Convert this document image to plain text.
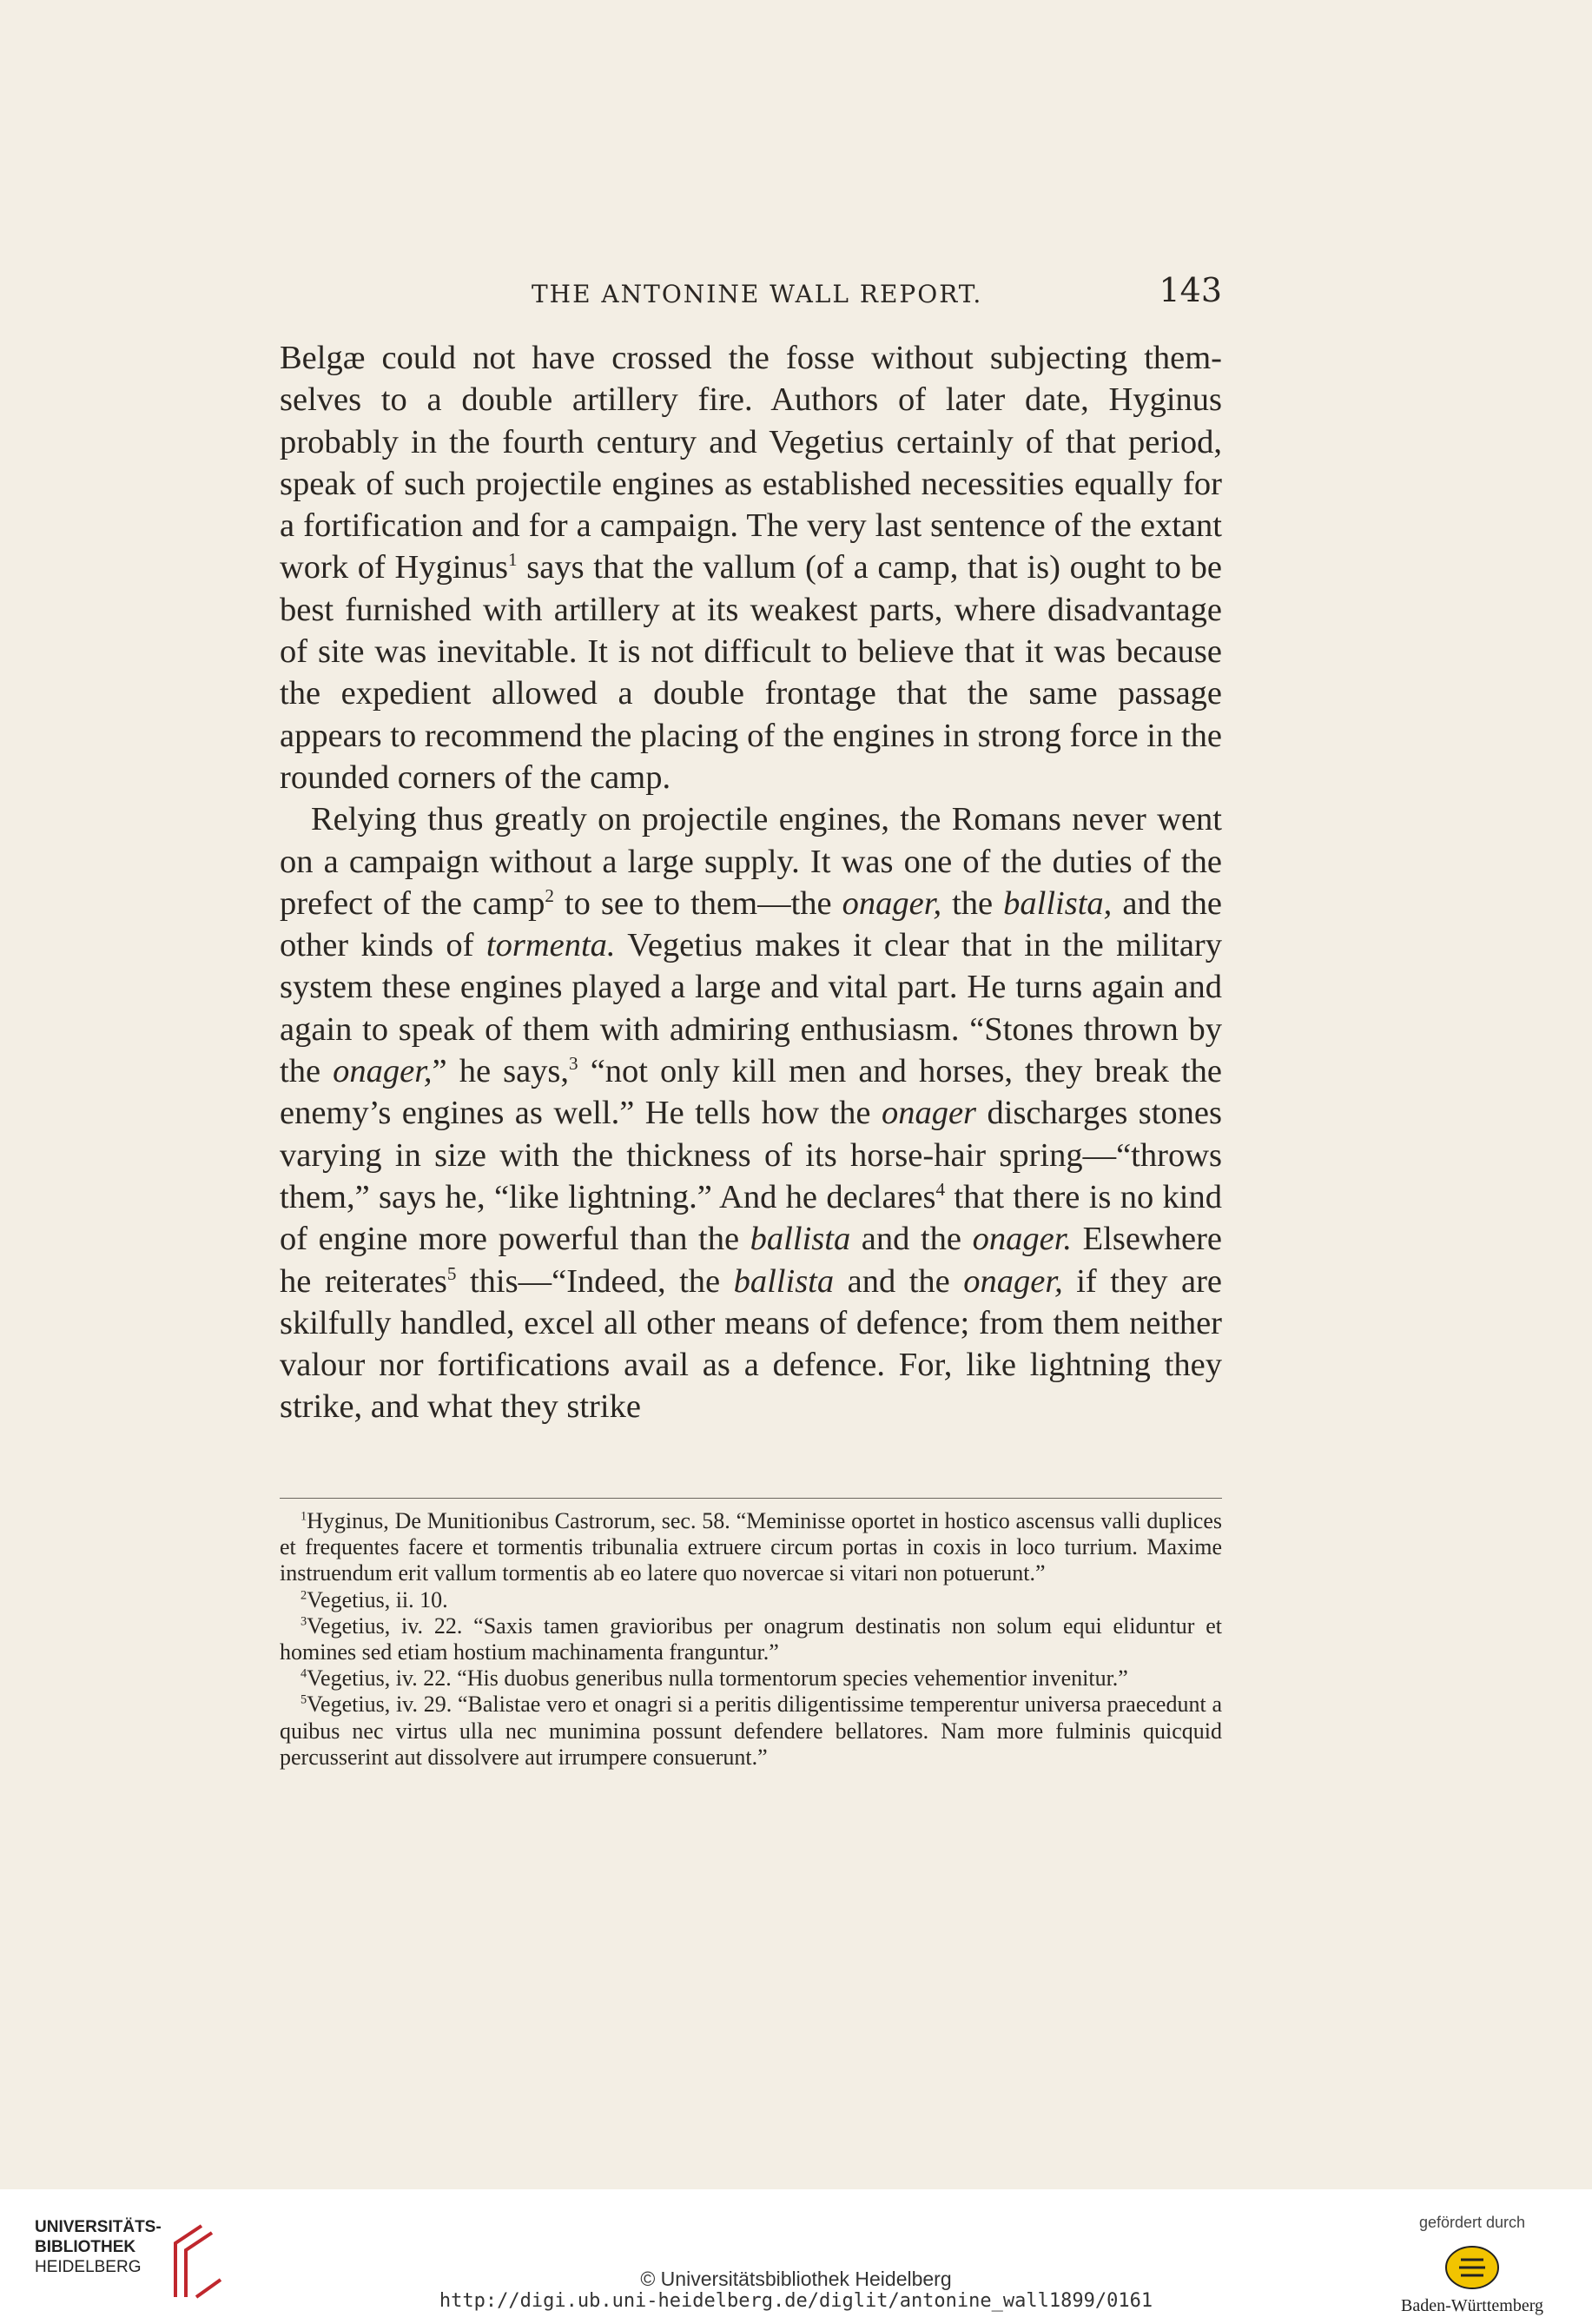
THE ANTONINE WALL REPORT.	143

Belgæ could not have crossed the fosse without subjecting them-selves to a double artillery fire. Authors of later date, Hyginus probably in the fourth century and Vegetius certainly of that period, speak of such projectile engines as established necessities equally for a fortification and for a campaign. The very last sentence of the extant work of Hyginus$^1$ says that the vallum (of a camp, that is) ought to be best furnished with artillery at its weakest parts, where disadvantage of site was inevitable. It is not difficult to believe that it was because the expedient allowed a double frontage that the same passage appears to recommend the placing of the engines in strong force in the rounded corners of the camp.

Relying thus greatly on projectile engines, the Romans never went on a campaign without a large supply. It was one of the duties of the prefect of the camp$^2$ to see to them—the onager, the ballista, and the other kinds of tormenta. Vegetius makes it clear that in the military system these engines played a large and vital part. He turns again and again to speak of them with admiring enthusiasm. “Stones thrown by the onager,” he says,$^3$ “not only kill men and horses, they break the enemy’s engines as well.” He tells how the onager discharges stones varying in size with the thickness of its horse-hair spring—“throws them,” says he, “like lightning.” And he declares$^4$ that there is no kind of engine more powerful than the ballista and the onager. Elsewhere he reiterates$^5$ this—“Indeed, the ballista and the onager, if they are skilfully handled, excel all other means of defence; from them neither valour nor fortifications avail as a defence. For, like lightning they strike, and what they strike

$^1$Hyginus, De Munitionibus Castrorum, sec. 58. “Meminisse oportet in hostico ascensus valli duplices et frequentes facere et tormentis tribunalia extruere circum portas in coxis in loco turrium. Maxime instruendum erit vallum tormentis ab eo latere quo novercae si vitari non potuerunt.”

$^2$Vegetius, ii. 10.

$^3$Vegetius, iv. 22. “Saxis tamen gravioribus per onagrum destinatis non solum equi eliduntur et homines sed etiam hostium machinamenta franguntur.”

$^4$Vegetius, iv. 22. “His duobus generibus nulla tormentorum species vehementior invenitur.”

$^5$Vegetius, iv. 29. “Balistae vero et onagri si a peritis diligentissime temperentur universa praecedunt a quibus nec virtus ulla nec munimina possunt defendere bellatores. Nam more fulminis quicquid percusserint aut dissolvere aut irrumpere consuerunt.”

UNIVERSITÄTS-
BIBLIOTHEK
HEIDELBERG
© Universitätsbibliothek Heidelberg
http://digi.ub.uni-heidelberg.de/diglit/antonine_wall1899/0161
gefördert durch
Baden-Württemberg
